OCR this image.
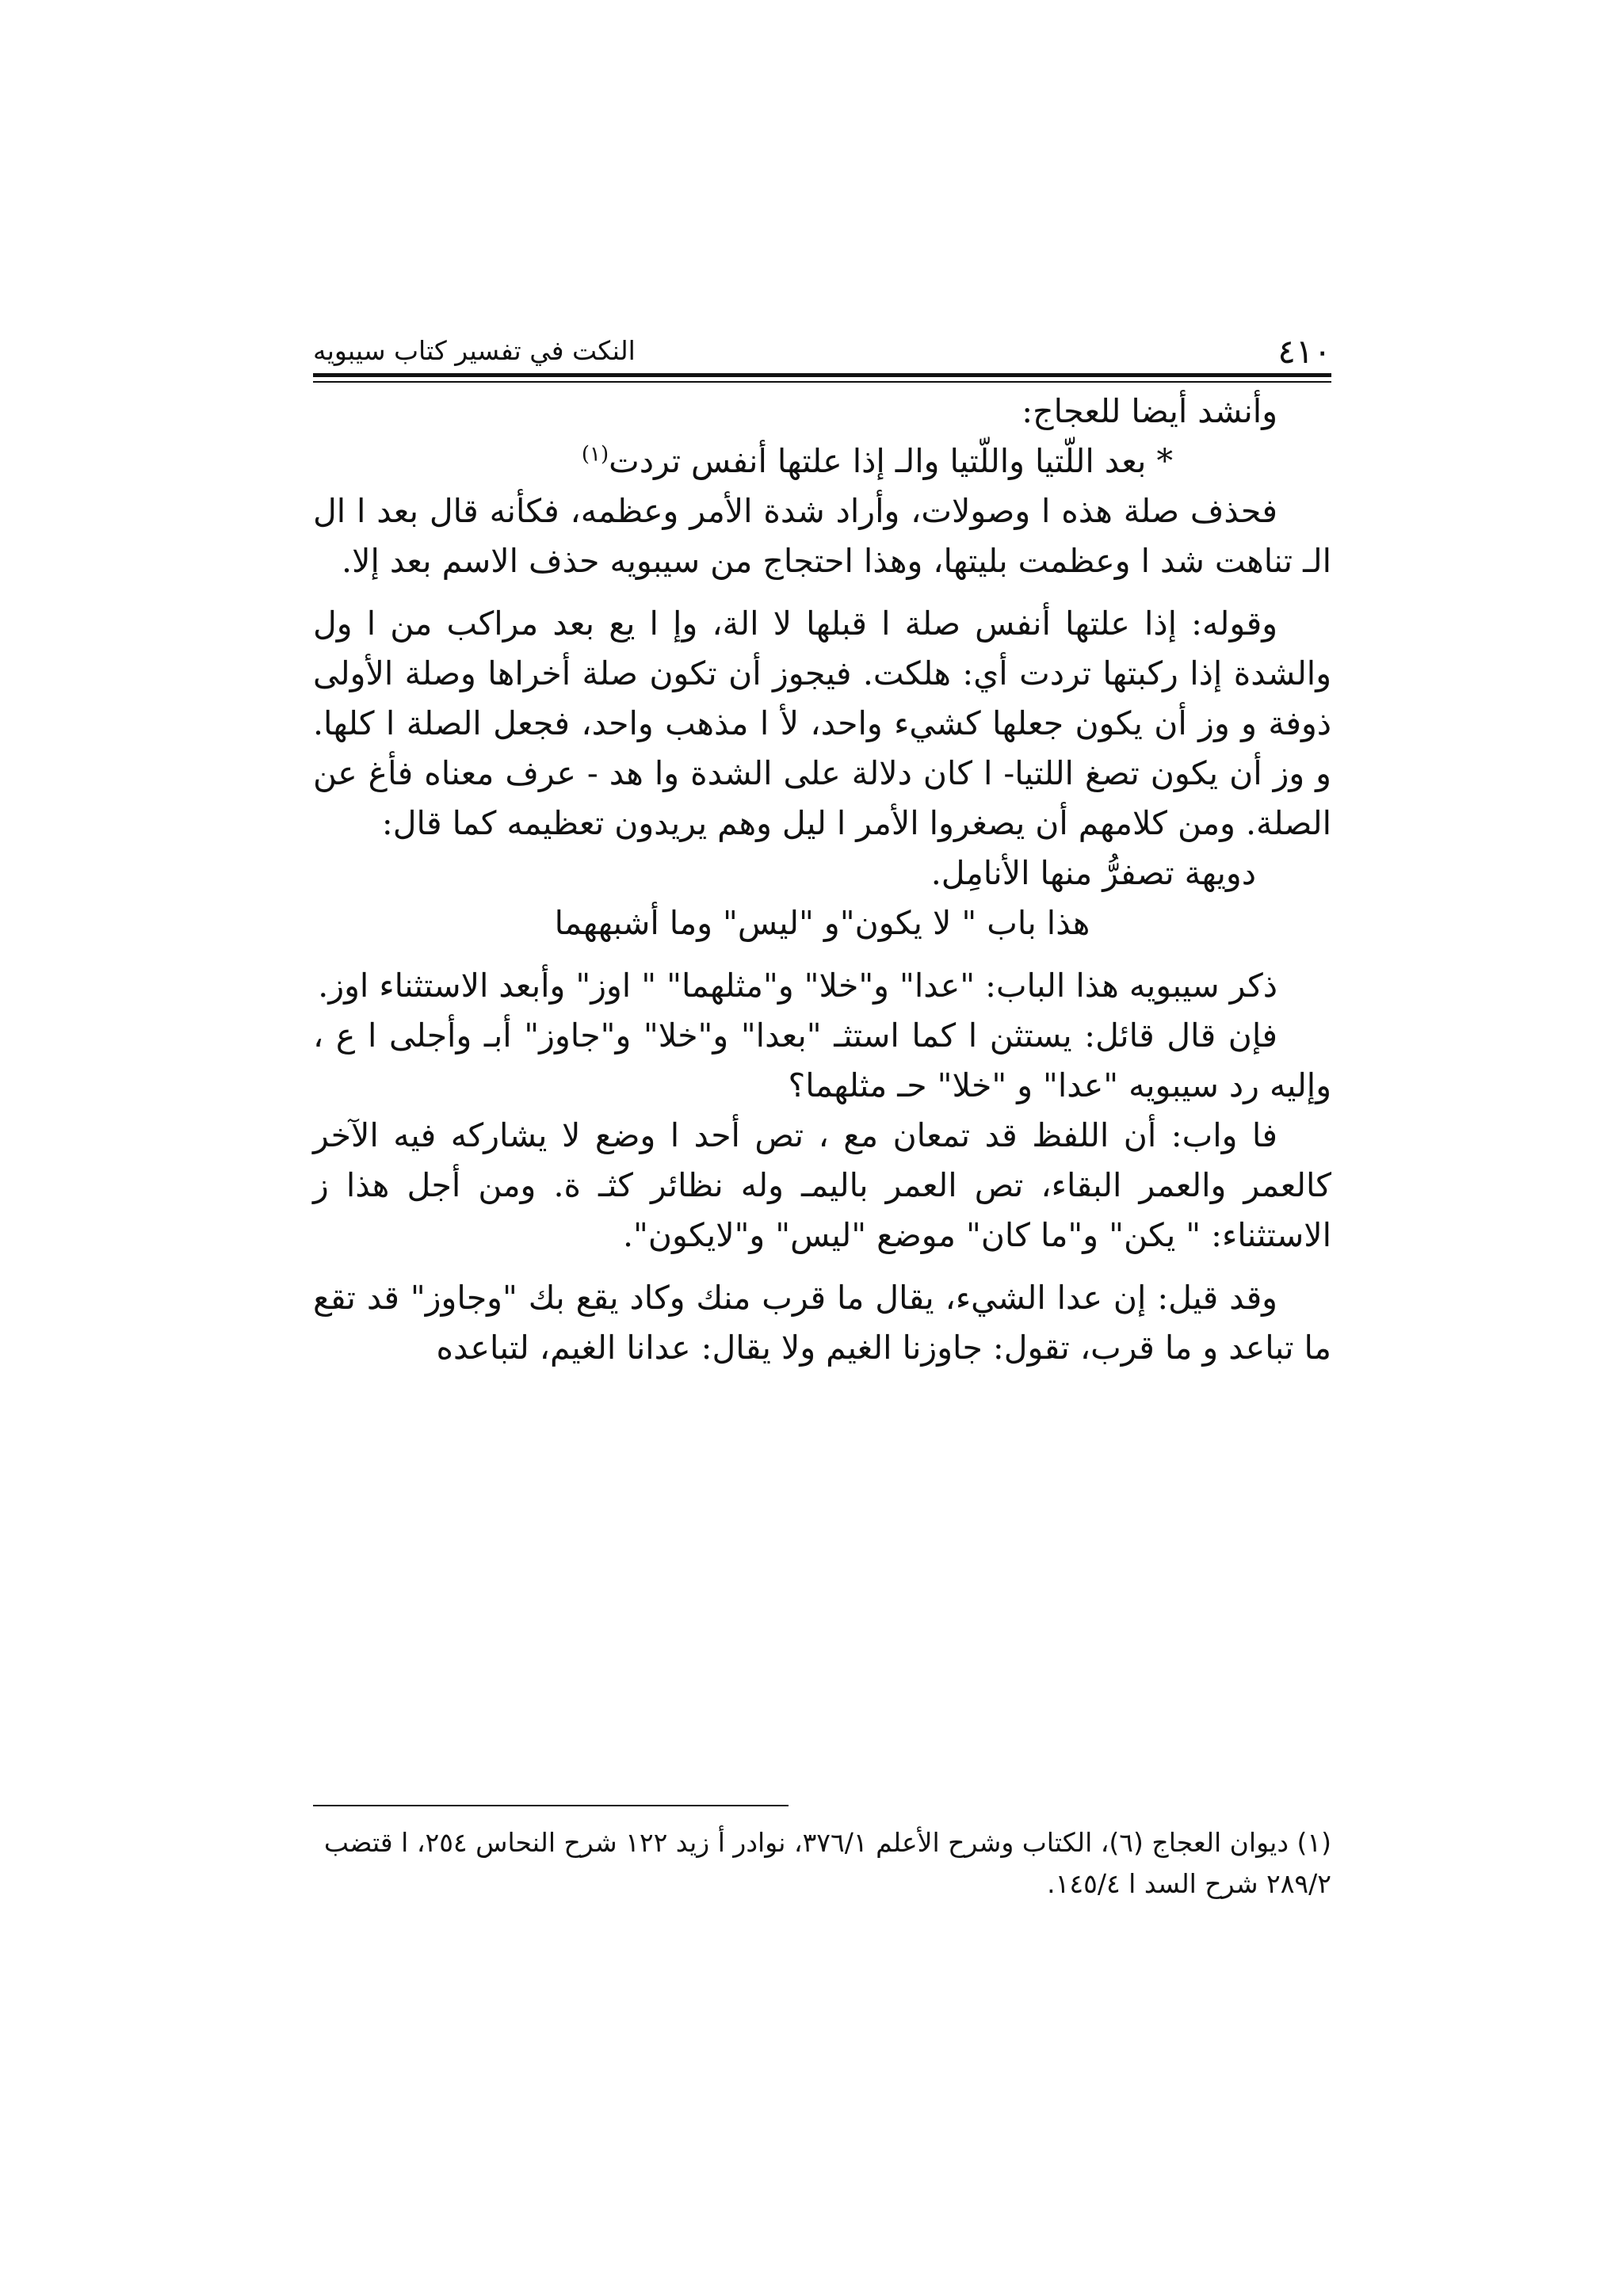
٤١٠
النكت في تفسير كتاب سيبويه

وأنشد أيضا للعجاج:

* بعد اللّتيا واللّتيا والـ إذا علتها أنفس تردت$^{(١)}$

فحذف صلة هذه ا وصولات، وأراد شدة الأمر وعظمه، فكأنه قال بعد ا ال الـ تناهت شد ا وعظمت بليتها، وهذا احتجاج من سيبويه حذف الاسم بعد إلا.

وقوله: إذا علتها أنفس صلة ا قبلها لا الة، وإ ا يع بعد مراكب من ا ول والشدة إذا ركبتها تردت أي: هلكت. فيجوز أن تكون صلة أخراها وصلة الأولى ذوفة و وز أن يكون جعلها كشيء واحد، لأ ا مذهب واحد، فجعل الصلة ا كلها. و وز أن يكون تصغ اللتيا- ا كان دلالة على الشدة وا هد - عرف معناه فأغ عن الصلة. ومن كلامهم أن يصغروا الأمر ا ليل وهم يريدون تعظيمه كما قال:

دويهة تصفرُّ منها الأنامِل.

هذا باب " لا يكون"و "ليس" وما أشبههما

ذكر سيبويه هذا الباب: "عدا" و"خلا" و"مثلهما" " اوز" وأبعد الاستثناء اوز.

فإن قال قائل: يستثن ا كما استثـ "بعدا" و"خلا" و"جاوز" أبـ وأجلى ا ع ، وإليه رد سيبويه "عدا" و "خلا" حـ مثلهما؟

فا واب: أن اللفظ قد تمعان مع ، تص أحد ا وضع لا يشاركه فيه الآخر كالعمر والعمر البقاء، تص العمر باليمـ وله نظائر كثـ ة. ومن أجل هذا ز الاستثناء: " يكن" و"ما كان" موضع "ليس" و"لايكون".

وقد قيل: إن عدا الشيء، يقال ما قرب منك وكاد يقع بك "وجاوز" قد تقع ما تباعد و ما قرب، تقول: جاوزنا الغيم ولا يقال: عدانا الغيم، لتباعده

(١) ديوان العجاج (٦)، الكتاب وشرح الأعلم ٣٧٦/١، نوادر أ زيد ١٢٢ شرح النحاس ٢٥٤، ا قتضب ٢٨٩/٢ شرح السد ا ١٤٥/٤.
